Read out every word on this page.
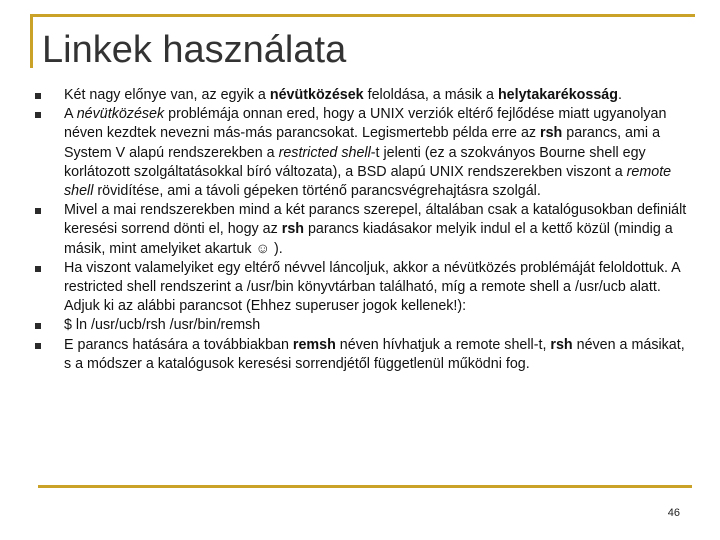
Linkek használata
Két nagy előnye van, az egyik a névütközések feloldása, a másik a helytakarékosság.
A névütközések problémája onnan ered, hogy a UNIX verziók eltérő fejlődése miatt ugyanolyan néven kezdtek nevezni más-más parancsokat. Legismertebb példa erre az rsh parancs, ami a System V alapú rendszerekben a restricted shell-t jelenti (ez a szokványos Bourne shell egy korlátozott szolgáltatásokkal bíró változata), a BSD alapú UNIX rendszerekben viszont a remote shell rövidítése, ami a távoli gépeken történő parancsvégrehajtásra szolgál.
Mivel a mai rendszerekben mind a két parancs szerepel, általában csak a katalógusokban definiált keresési sorrend dönti el, hogy az rsh parancs kiadásakor melyik indul el a kettő közül (mindig a másik, mint amelyiket akartuk ☺ ).
Ha viszont valamelyiket egy eltérő névvel láncoljuk, akkor a névütközés problémáját feloldottuk. A restricted shell rendszerint a /usr/bin könyvtárban található, míg a remote shell a /usr/ucb alatt. Adjuk ki az alábbi parancsot (Ehhez superuser jogok kellenek!):
$ ln /usr/ucb/rsh /usr/bin/remsh
E parancs hatására a továbbiakban remsh néven hívhatjuk a remote shell-t, rsh néven a másikat, s a módszer a katalógusok keresési sorrendjétől függetlenül működni fog.
46
